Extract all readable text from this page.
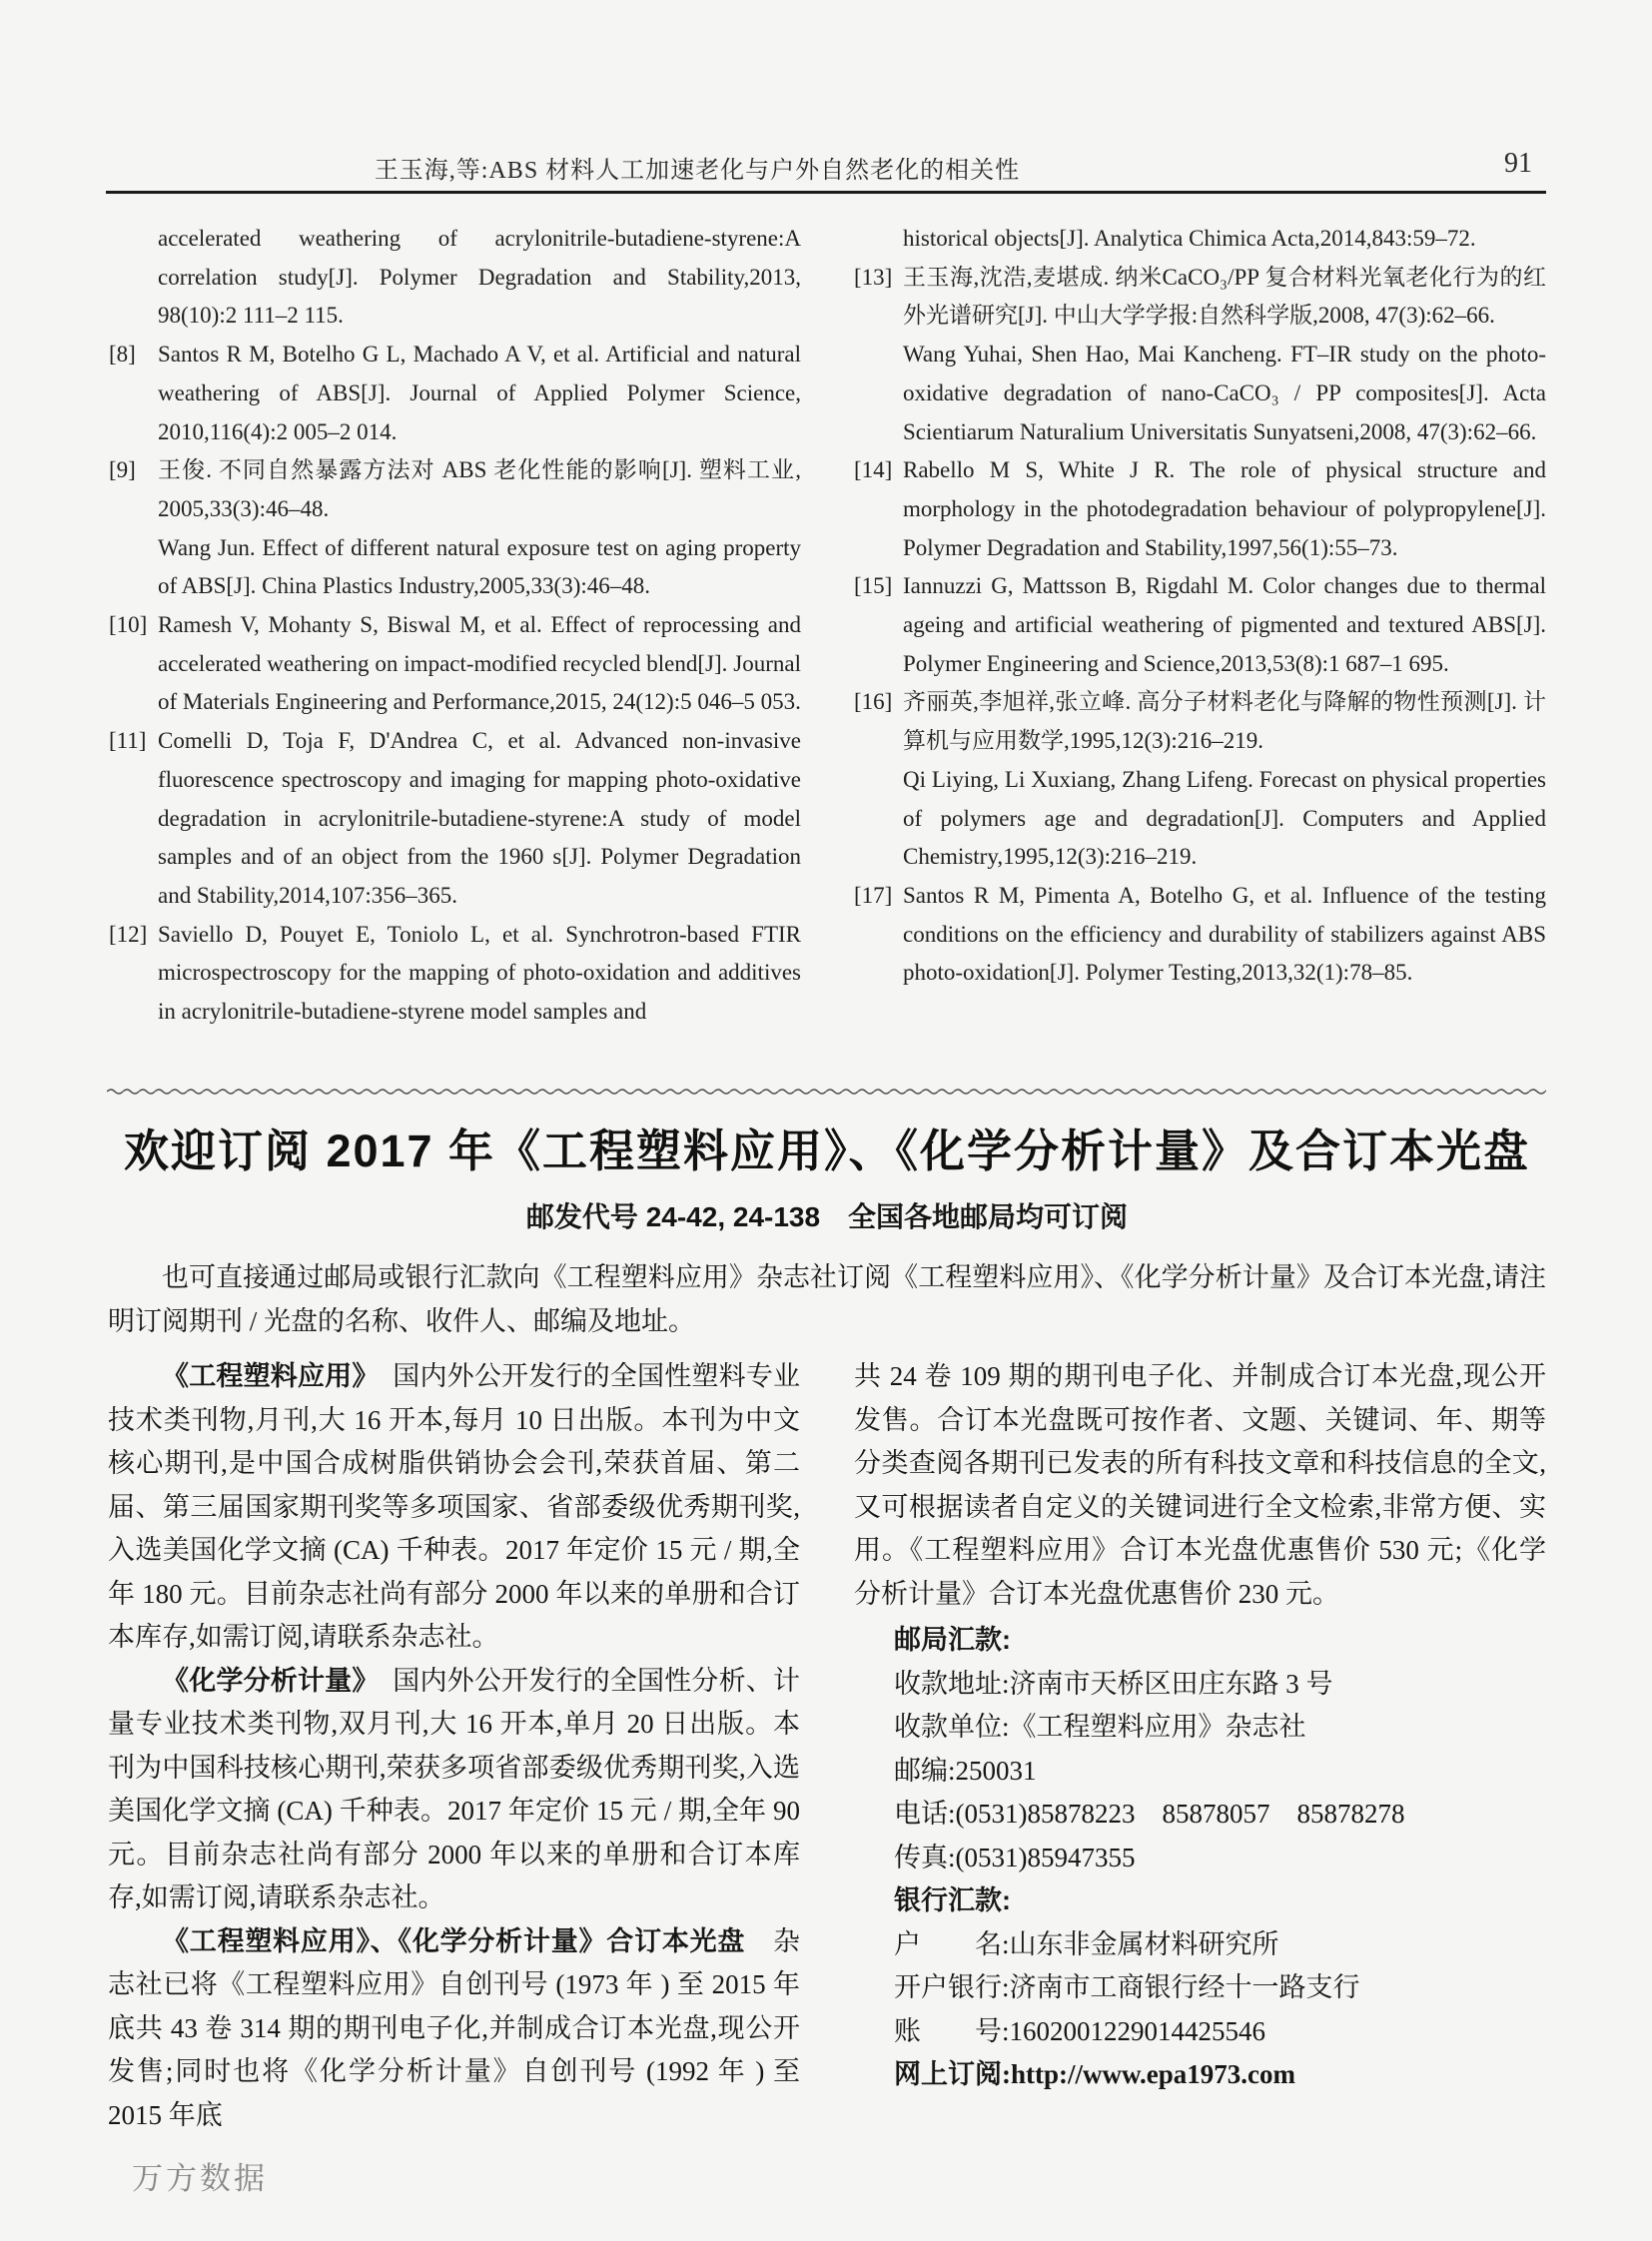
王玉海,等:ABS 材料人工加速老化与户外自然老化的相关性	91
accelerated weathering of acrylonitrile-butadiene-styrene:A correlation study[J]. Polymer Degradation and Stability,2013, 98(10):2 111–2 115.
[8] Santos R M, Botelho G L, Machado A V, et al. Artificial and natural weathering of ABS[J]. Journal of Applied Polymer Science, 2010,116(4):2 005–2 014.
[9] 王俊. 不同自然暴露方法对 ABS 老化性能的影响[J]. 塑料工业, 2005,33(3):46–48.
Wang Jun. Effect of different natural exposure test on aging property of ABS[J]. China Plastics Industry,2005,33(3):46–48.
[10] Ramesh V, Mohanty S, Biswal M, et al. Effect of reprocessing and accelerated weathering on impact-modified recycled blend[J]. Journal of Materials Engineering and Performance,2015, 24(12):5 046–5 053.
[11] Comelli D, Toja F, D'Andrea C, et al. Advanced non-invasive fluorescence spectroscopy and imaging for mapping photo-oxidative degradation in acrylonitrile-butadiene-styrene:A study of model samples and of an object from the 1960 s[J]. Polymer Degradation and Stability,2014,107:356–365.
[12] Saviello D, Pouyet E, Toniolo L, et al. Synchrotron-based FTIR microspectroscopy for the mapping of photo-oxidation and additives in acrylonitrile-butadiene-styrene model samples and
historical objects[J]. Analytica Chimica Acta,2014,843:59–72.
[13] 王玉海,沈浩,麦堪成. 纳米CaCO₃/PP 复合材料光氧老化行为的红外光谱研究[J]. 中山大学学报:自然科学版,2008, 47(3):62–66.
Wang Yuhai, Shen Hao, Mai Kancheng. FT–IR study on the photo-oxidative degradation of nano-CaCO₃ / PP composites[J]. Acta Scientiarum Naturalium Universitatis Sunyatseni,2008, 47(3):62–66.
[14] Rabello M S, White J R. The role of physical structure and morphology in the photodegradation behaviour of polypropylene[J]. Polymer Degradation and Stability,1997,56(1):55–73.
[15] Iannuzzi G, Mattsson B, Rigdahl M. Color changes due to thermal ageing and artificial weathering of pigmented and textured ABS[J]. Polymer Engineering and Science,2013,53(8):1 687–1 695.
[16] 齐丽英,李旭祥,张立峰. 高分子材料老化与降解的物性预测[J]. 计算机与应用数学,1995,12(3):216–219.
Qi Liying, Li Xuxiang, Zhang Lifeng. Forecast on physical properties of polymers age and degradation[J]. Computers and Applied Chemistry,1995,12(3):216–219.
[17] Santos R M, Pimenta A, Botelho G, et al. Influence of the testing conditions on the efficiency and durability of stabilizers against ABS photo-oxidation[J]. Polymer Testing,2013,32(1):78–85.
欢迎订阅 2017 年《工程塑料应用》、《化学分析计量》及合订本光盘
邮发代号 24-42, 24-138　全国各地邮局均可订阅

也可直接通过邮局或银行汇款向《工程塑料应用》杂志社订阅《工程塑料应用》、《化学分析计量》及合订本光盘,请注明订阅期刊 / 光盘的名称、收件人、邮编及地址。

《工程塑料应用》　国内外公开发行的全国性塑料专业技术类刊物,月刊,大 16 开本,每月 10 日出版。本刊为中文核心期刊,是中国合成树脂供销协会会刊,荣获首届、第二届、第三届国家期刊奖等多项国家、省部委级优秀期刊奖,入选美国化学文摘 (CA) 千种表。2017 年定价 15 元 / 期,全年 180 元。目前杂志社尚有部分 2000 年以来的单册和合订本库存,如需订阅,请联系杂志社。

《化学分析计量》　国内外公开发行的全国性分析、计量专业技术类刊物,双月刊,大 16 开本,单月 20 日出版。本刊为中国科技核心期刊,荣获多项省部委级优秀期刊奖,入选美国化学文摘 (CA) 千种表。2017 年定价 15 元 / 期,全年 90 元。目前杂志社尚有部分 2000 年以来的单册和合订本库存,如需订阅,请联系杂志社。

《工程塑料应用》、《化学分析计量》合订本光盘　杂志社已将《工程塑料应用》自创刊号 (1973 年 ) 至 2015 年底共 43 卷 314 期的期刊电子化,并制成合订本光盘,现公开发售;同时也将《化学分析计量》自创刊号 (1992 年 ) 至 2015 年底

共 24 卷 109 期的期刊电子化、并制成合订本光盘,现公开发售。合订本光盘既可按作者、文题、关键词、年、期等分类查阅各期刊已发表的所有科技文章和科技信息的全文,又可根据读者自定义的关键词进行全文检索,非常方便、实用。《工程塑料应用》合订本光盘优惠售价 530 元;《化学分析计量》合订本光盘优惠售价 230 元。

邮局汇款:
收款地址:济南市天桥区田庄东路 3 号
收款单位:《工程塑料应用》杂志社
邮编:250031
电话:(0531)85878223　85878057　85878278
传真:(0531)85947355
银行汇款:
户　　名:山东非金属材料研究所
开户银行:济南市工商银行经十一路支行
账　　号:1602001229014425546
网上订阅:http://www.epa1973.com
万方数据
